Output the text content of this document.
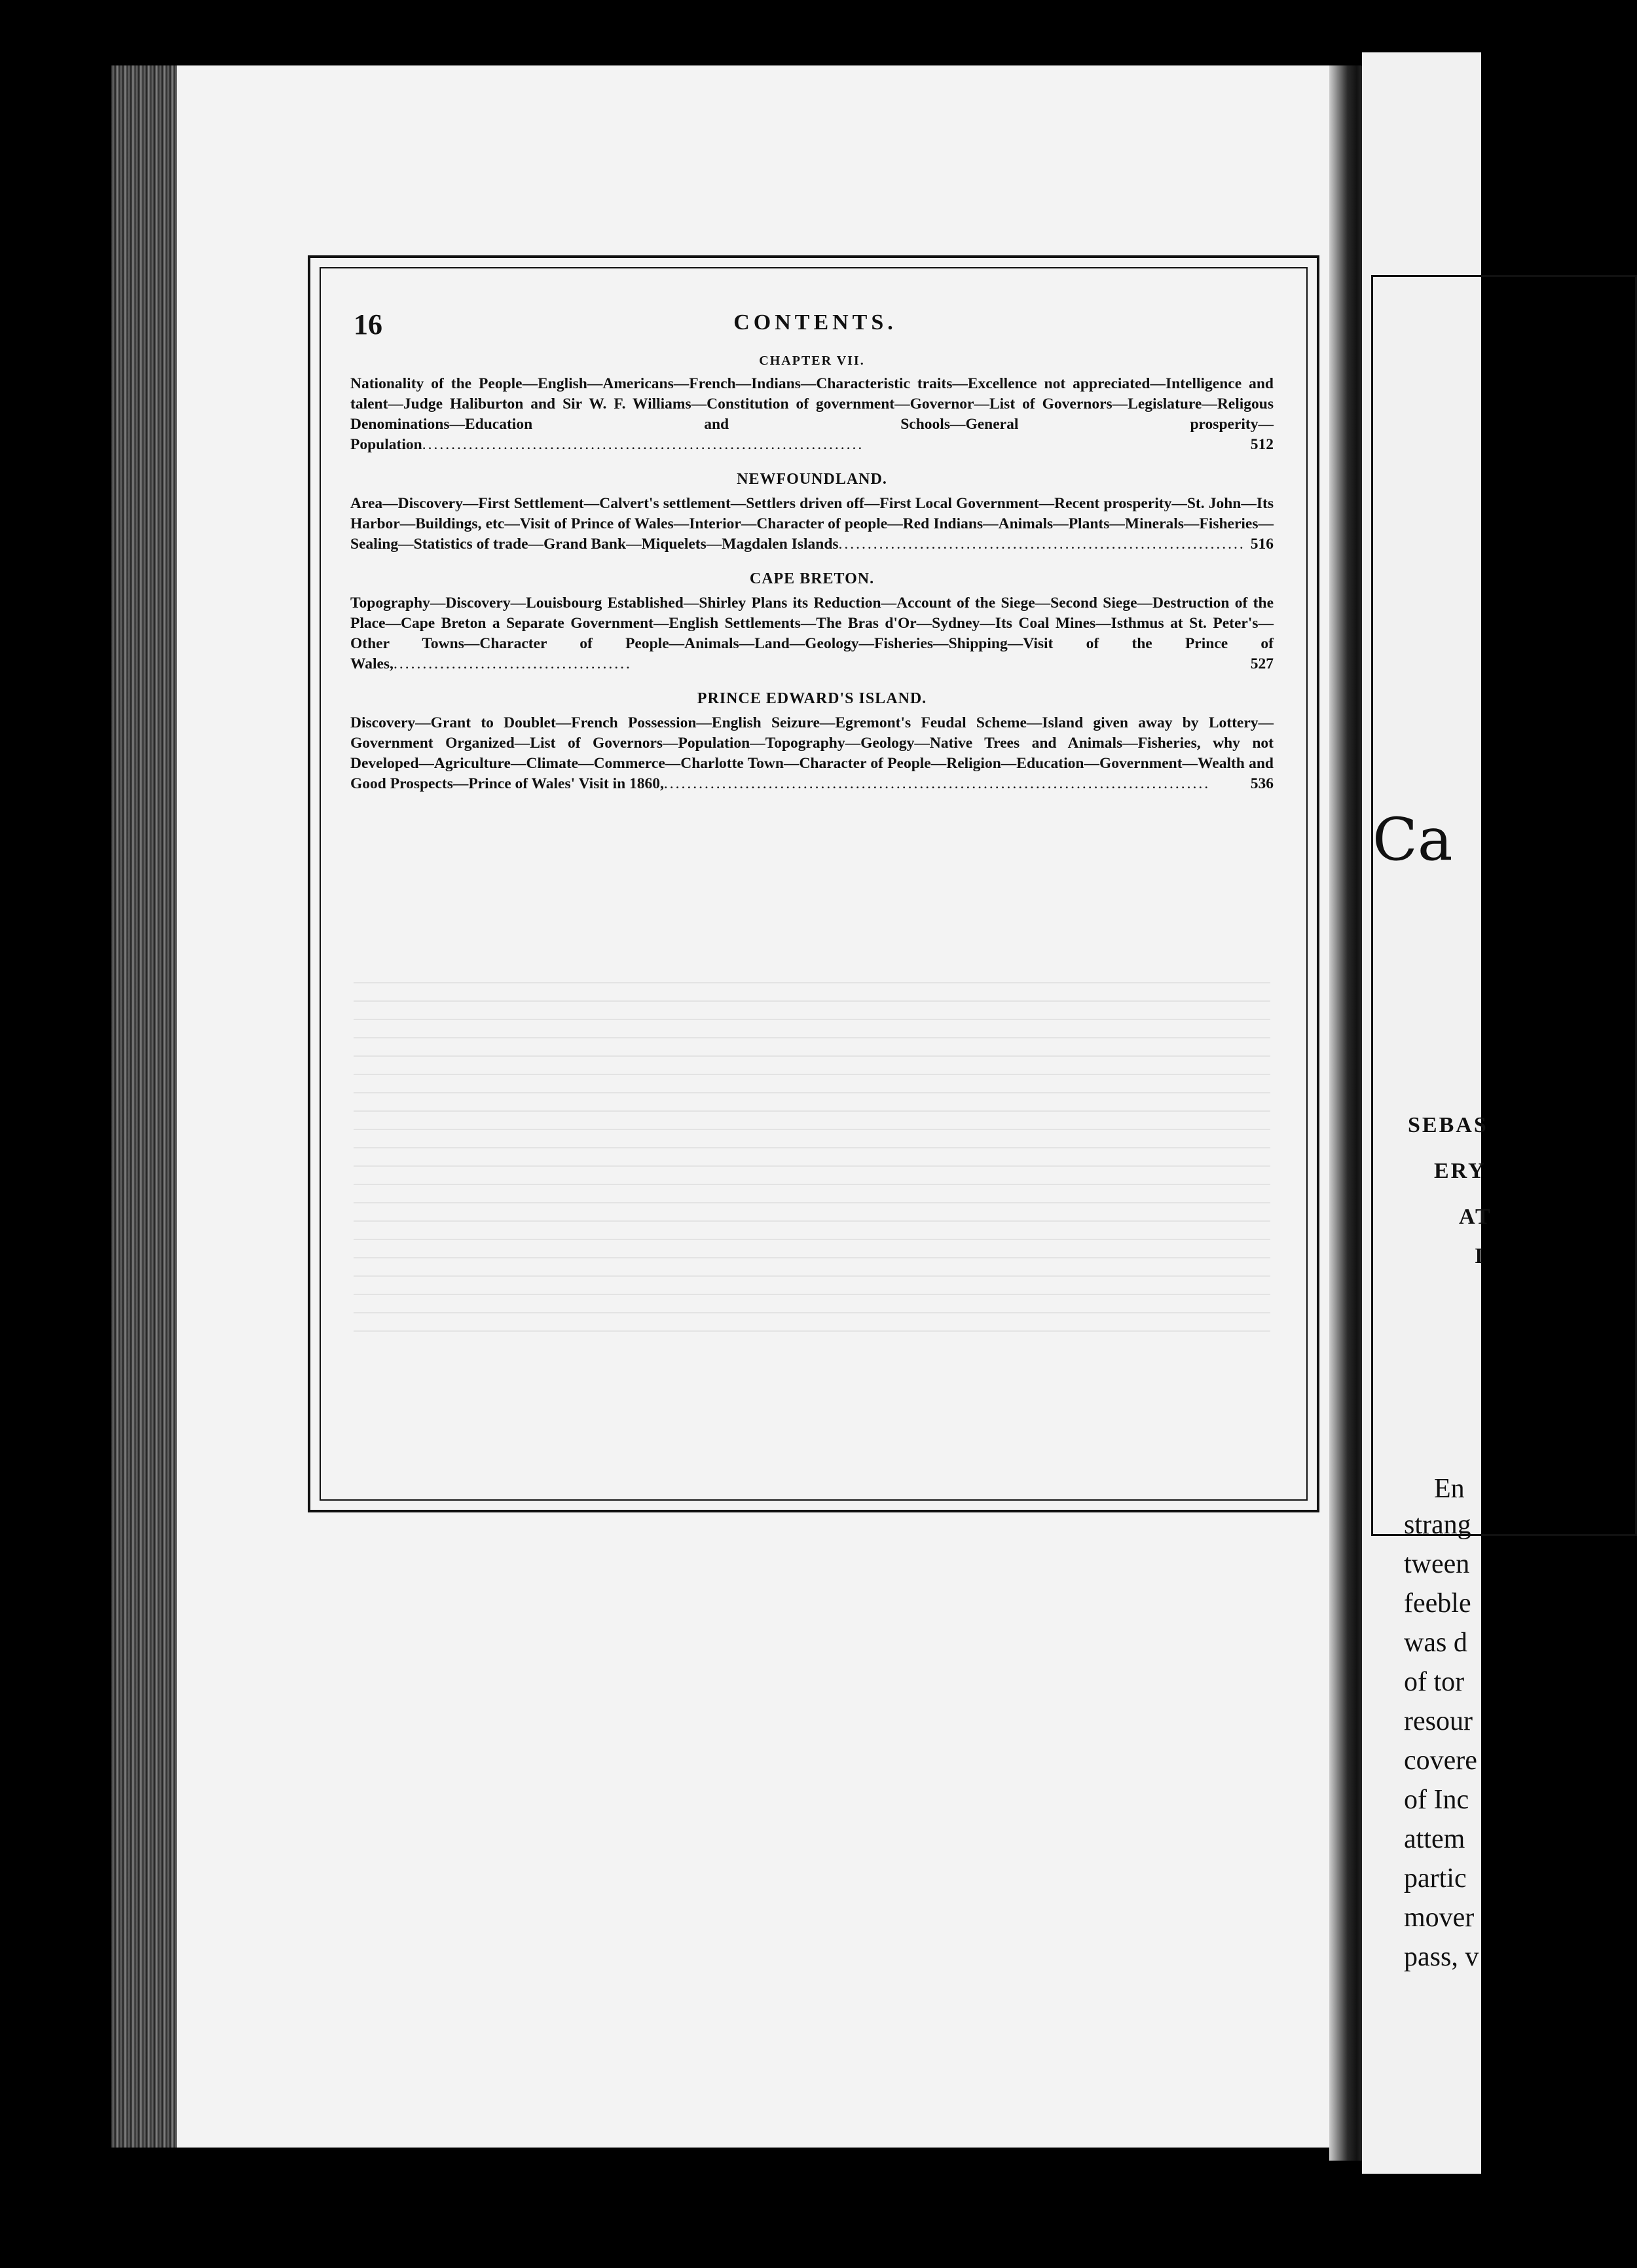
16	CONTENTS.
CHAPTER VII.
Nationality of the People—English—Americans—French—Indians—Characteristic traits—Excellence not appreciated—Intelligence and talent—Judge Haliburton and Sir W. F. Williams—Constitution of government—Governor—List of Governors—Legislature—Religous Denominations—Education and Schools—General prosperity—Population............................................................................	512
NEWFOUNDLAND.
Area—Discovery—First Settlement—Calvert's settlement—Settlers driven off—First Local Government—Recent prosperity—St. John—Its Harbor—Buildings, etc—Visit of Prince of Wales—Interior—Character of people—Red Indians—Animals—Plants—Minerals—Fisheries—Sealing—Statistics of trade—Grand Bank—Miquelets—Magdalen Islands...................................................................... 516
CAPE BRETON.
Topography—Discovery—Louisbourg Established—Shirley Plans its Reduction—Account of the Siege—Second Siege—Destruction of the Place—Cape Breton a Separate Government—English Settlements—The Bras d'Or—Sydney—Its Coal Mines—Isthmus at St. Peter's—Other Towns—Character of People—Animals—Land—Geology—Fisheries—Shipping—Visit of the Prince of Wales,.........................................	527
PRINCE EDWARD'S ISLAND.
Discovery—Grant to Doublet—French Possession—English Seizure—Egremont's Feudal Scheme—Island given away by Lottery—Government Organized—List of Governors—Population—Topography—Geology—Native Trees and Animals—Fisheries, why not Developed—Agriculture—Climate—Commerce—Charlotte Town—Character of People—Religion—Education—Government—Wealth and Good Prospects—Prince of Wales' Visit in 1860,..............................................................................................	536
Ca
SEBAS
ERY
AT
I
En
strang
tween
feeble
was d
of tor
resour
covere
of Inc
attem
partic
mover
pass, v
